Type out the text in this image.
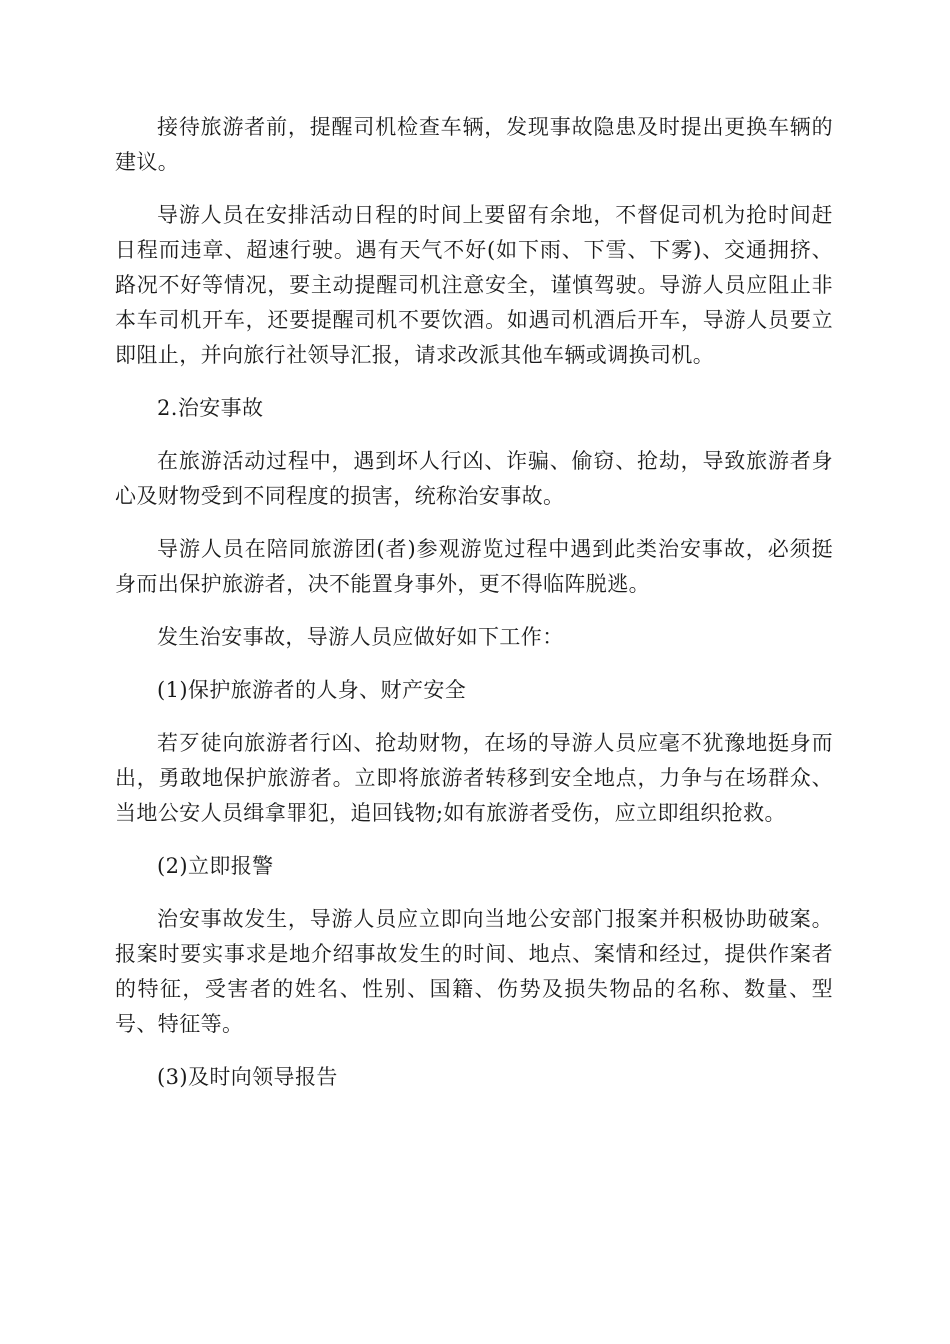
接待旅游者前，提醒司机检查车辆，发现事故隐患及时提出更换车辆的建议。

导游人员在安排活动日程的时间上要留有余地，不督促司机为抢时间赶日程而违章、超速行驶。遇有天气不好(如下雨、下雪、下雾)、交通拥挤、路况不好等情况，要主动提醒司机注意安全，谨慎驾驶。导游人员应阻止非本车司机开车，还要提醒司机不要饮酒。如遇司机酒后开车，导游人员要立即阻止，并向旅行社领导汇报，请求改派其他车辆或调换司机。

2.治安事故

在旅游活动过程中，遇到坏人行凶、诈骗、偷窃、抢劫，导致旅游者身心及财物受到不同程度的损害，统称治安事故。

导游人员在陪同旅游团(者)参观游览过程中遇到此类治安事故，必须挺身而出保护旅游者，决不能置身事外，更不得临阵脱逃。

发生治安事故，导游人员应做好如下工作：

(1)保护旅游者的人身、财产安全

若歹徒向旅游者行凶、抢劫财物，在场的导游人员应毫不犹豫地挺身而出，勇敢地保护旅游者。立即将旅游者转移到安全地点，力争与在场群众、当地公安人员缉拿罪犯，追回钱物;如有旅游者受伤，应立即组织抢救。

(2)立即报警

治安事故发生，导游人员应立即向当地公安部门报案并积极协助破案。报案时要实事求是地介绍事故发生的时间、地点、案情和经过，提供作案者的特征，受害者的姓名、性别、国籍、伤势及损失物品的名称、数量、型号、特征等。

(3)及时向领导报告
